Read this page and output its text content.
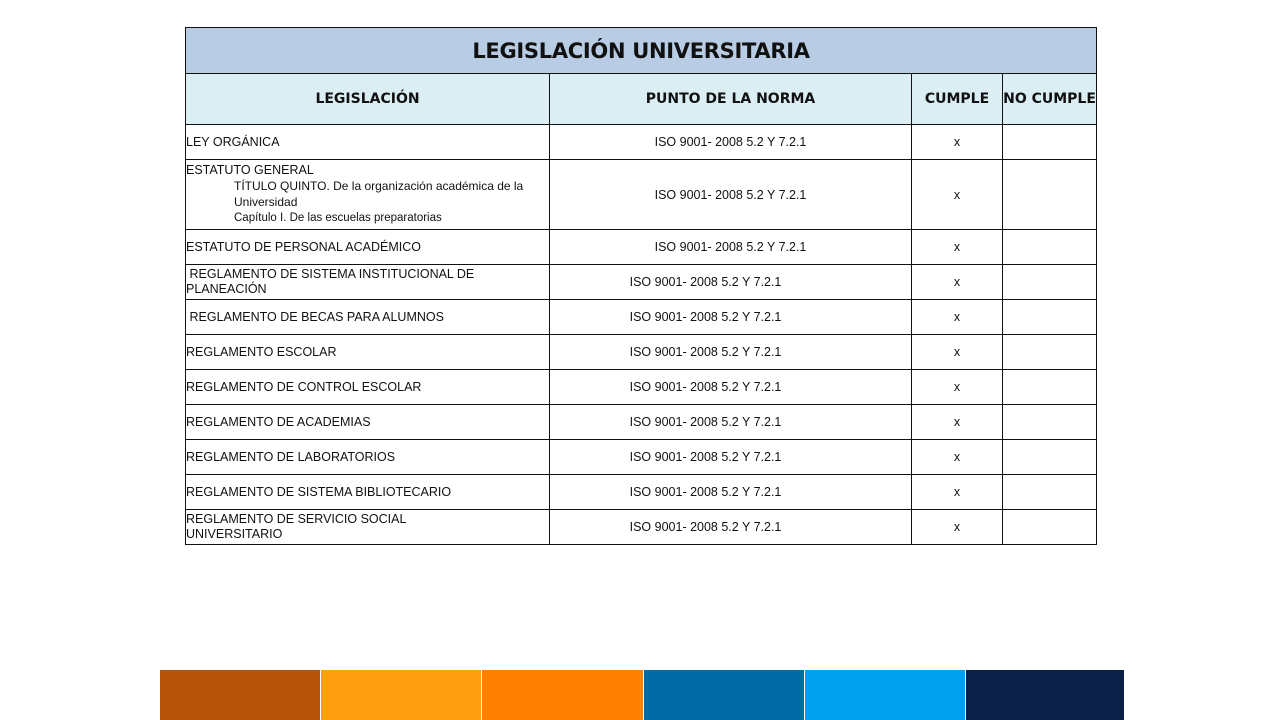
LEGISLACIÓN UNIVERSITARIA			
LEGISLACIÓN	PUNTO DE LA NORMA	CUMPLE	NO CUMPLE
LEY ORGÁNICA	ISO 9001- 2008 5.2 Y 7.2.1	x	
ESTATUTO GENERAL
TÍTULO QUINTO. De la organización académica de la Universidad
Capítulo I. De las escuelas preparatorias	ISO 9001- 2008 5.2 Y 7.2.1	x	
ESTATUTO DE PERSONAL ACADÉMICO	ISO 9001- 2008 5.2 Y 7.2.1	x	
REGLAMENTO DE SISTEMA INSTITUCIONAL DE PLANEACIÓN	ISO 9001- 2008 5.2 Y 7.2.1	x	
REGLAMENTO DE BECAS PARA ALUMNOS	ISO 9001- 2008 5.2 Y 7.2.1	x	
REGLAMENTO ESCOLAR	ISO 9001- 2008 5.2 Y 7.2.1	x	
REGLAMENTO DE CONTROL ESCOLAR	ISO 9001- 2008 5.2 Y 7.2.1	x	
REGLAMENTO DE ACADEMIAS	ISO 9001- 2008 5.2 Y 7.2.1	x	
REGLAMENTO DE LABORATORIOS	ISO 9001- 2008 5.2 Y 7.2.1	x	
REGLAMENTO DE SISTEMA BIBLIOTECARIO	ISO 9001- 2008 5.2 Y 7.2.1	x	
REGLAMENTO DE SERVICIO SOCIAL UNIVERSITARIO	ISO 9001- 2008 5.2 Y 7.2.1	x	
